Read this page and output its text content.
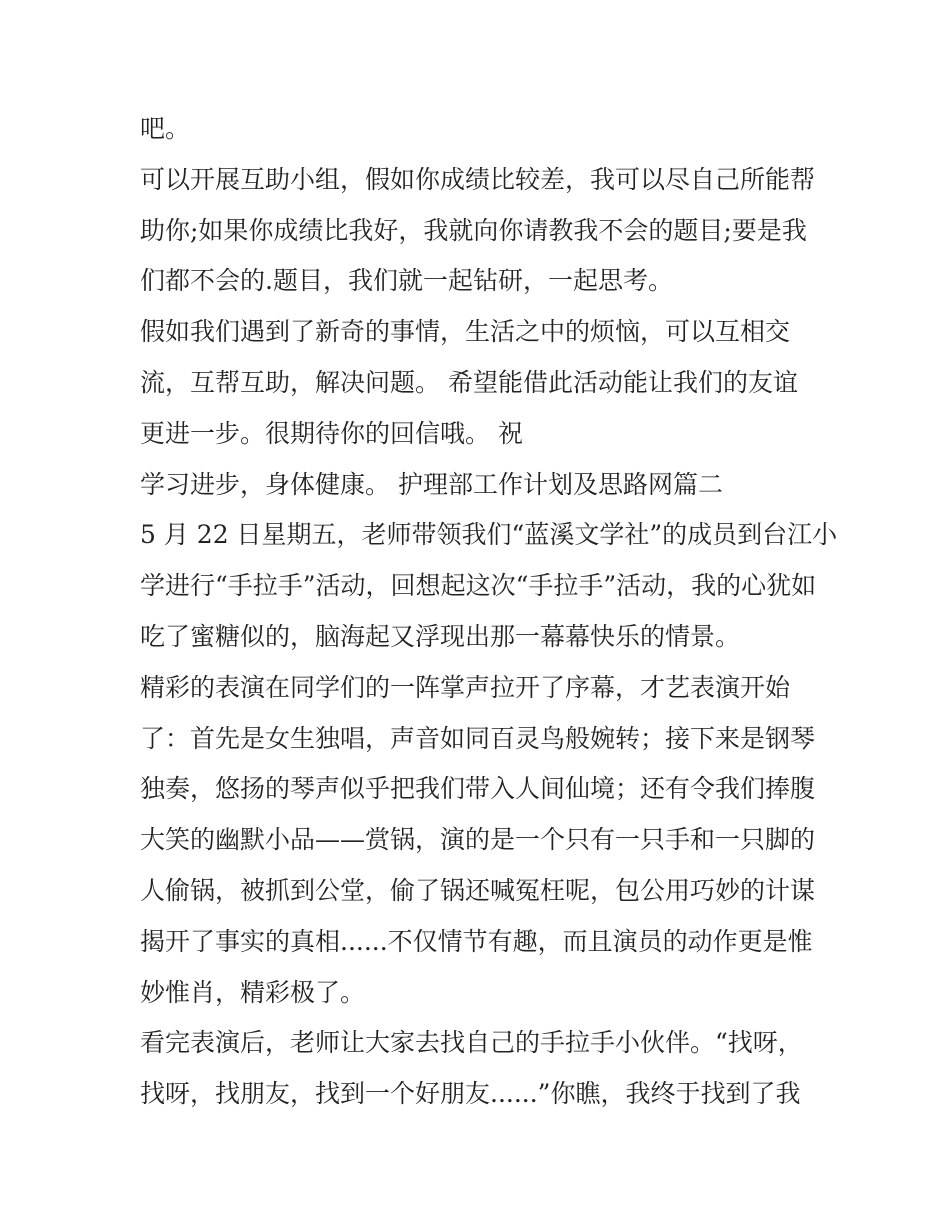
吧。
可以开展互助小组，假如你成绩比较差，我可以尽自己所能帮
助你;如果你成绩比我好，我就向你请教我不会的题目;要是我
们都不会的.题目，我们就一起钻研，一起思考。
假如我们遇到了新奇的事情，生活之中的烦恼，可以互相交
流，互帮互助，解决问题。 希望能借此活动能让我们的友谊
更进一步。很期待你的回信哦。 祝
学习进步，身体健康。 护理部工作计划及思路网篇二
5 月 22 日星期五，老师带领我们“蓝溪文学社”的成员到台江小
学进行“手拉手”活动，回想起这次“手拉手”活动，我的心犹如
吃了蜜糖似的，脑海起又浮现出那一幕幕快乐的情景。
精彩的表演在同学们的一阵掌声拉开了序幕，才艺表演开始
了：首先是女生独唱，声音如同百灵鸟般婉转；接下来是钢琴
独奏，悠扬的琴声似乎把我们带入人间仙境；还有令我们捧腹
大笑的幽默小品——赏锅，演的是一个只有一只手和一只脚的
人偷锅，被抓到公堂，偷了锅还喊冤枉呢，包公用巧妙的计谋
揭开了事实的真相......不仅情节有趣，而且演员的动作更是惟
妙惟肖，精彩极了。
看完表演后，老师让大家去找自己的手拉手小伙伴。“找呀，
找呀，找朋友，找到一个好朋友......”你瞧，我终于找到了我
